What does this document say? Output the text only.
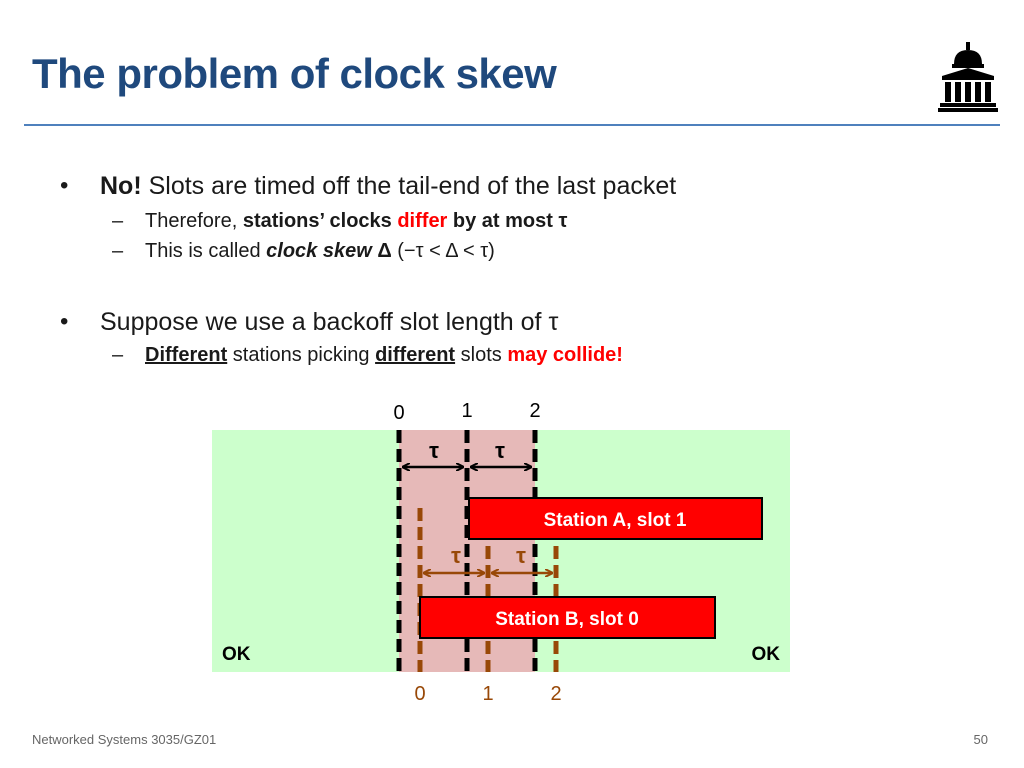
The problem of clock skew
• No! Slots are timed off the tail-end of the last packet
– Therefore, stations’ clocks differ by at most τ
– This is called clock skew Δ (−τ < Δ < τ)
• Suppose we use a backoff slot length of τ
– Different stations picking different slots may collide!
τ	τ
τ	τ
Station A, slot 1
Station B, slot 0
OK	OK
0	1	2
0	1	2
Networked Systems 3035/GZ01	50
